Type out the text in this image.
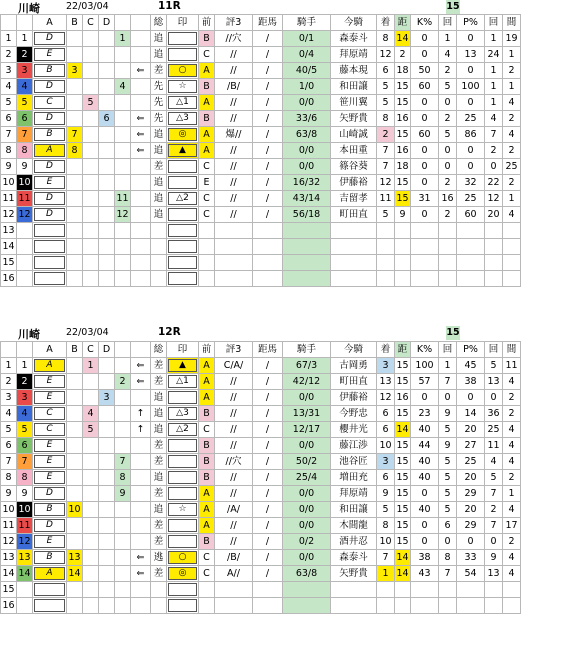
川崎	22/03/04	11R	15
		A	B	C	D			総	印	前	評3	距馬	騎手	今騎	着	距	K%	回	P%	回	間
1	1	D				1		追		B	//穴	/	0/1	森泰斗	8	14	0	1	0	1	19
2	2	E						追		C	//	/	0/4	拜原靖	12	2	0	4	13	24	1
3	3	B	3				⇐	差	○	A	//	/	40/5	藤本現	6	18	50	2	0	1	2
4	4	D				4		先	☆	B	/B/	/	1/0	和田譲	5	15	60	5	100	1	1
5	5	C		5				先	△1	A	//	/	0/0	笹川翼	5	15	0	0	0	1	4
6	6	D			6		⇐	先	△3	B	//	/	33/6	矢野貴	8	16	0	2	25	4	2
7	7	B	7				⇐	追	◎	A	爆//	/	63/8	山崎誠	2	15	60	5	86	7	4
8	8	A	8				⇐	追	▲	A	//	/	0/0	本田重	7	16	0	0	0	2	2
9	9	D						差		C	//	/	0/0	篠谷葵	7	18	0	0	0	0	25
10	10	E						追		E	//	/	16/32	伊藤裕	12	15	0	2	32	22	2
11	11	D				11		追	△2	C	//	/	43/14	吉留孝	11	15	31	16	25	12	1
12	12	D				12		追		C	//	/	56/18	町田直	5	9	0	2	60	20	4
13		

14		

15		

16		

川崎	22/03/04	12R	15
		A	B	C	D			総	印	前	評3	距馬	騎手	今騎	着	距	K%	回	P%	回	間
1	1	A		1			⇐	差	▲	A	C/A/	/	67/3	古岡勇	3	15	100	1	45	5	11
2	2	E				2	⇐	差	△1	A	//	/	42/12	町田直	13	15	57	7	38	13	4
3	3	E			3			追		A	//	/	0/0	伊藤裕	12	16	0	0	0	0	2
4	4	C		4			↑	追	△3	B	//	/	13/31	今野忠	6	15	23	9	14	36	2
5	5	C		5			↑	追	△2	C	//	/	12/17	櫻井光	6	14	40	5	20	25	4
6	6	E						差		B	//	/	0/0	藤江渉	10	15	44	9	27	11	4
7	7	E				7		差		B	//穴	/	50/2	池谷匠	3	15	40	5	25	4	4
8	8	E				8		追		B	//	/	25/4	増田充	6	15	40	5	20	5	2
9	9	D				9		差		A	//	/	0/0	拜原靖	9	15	0	5	29	7	1
10	10	B	10					追	☆	A	/A/	/	0/0	和田譲	5	15	40	5	20	2	4
11	11	D						差		A	//	/	0/0	木間龍	8	15	0	6	29	7	17
12	12	E						差		B	//	/	0/2	酒井忍	10	15	0	0	0	0	2
13	13	B	13				⇐	逃	○	C	/B/	/	0/0	森泰斗	7	14	38	8	33	9	4
14	14	A	14				⇐	差	◎	C	A//	/	63/8	矢野貴	1	14	43	7	54	13	4
15		

16		
